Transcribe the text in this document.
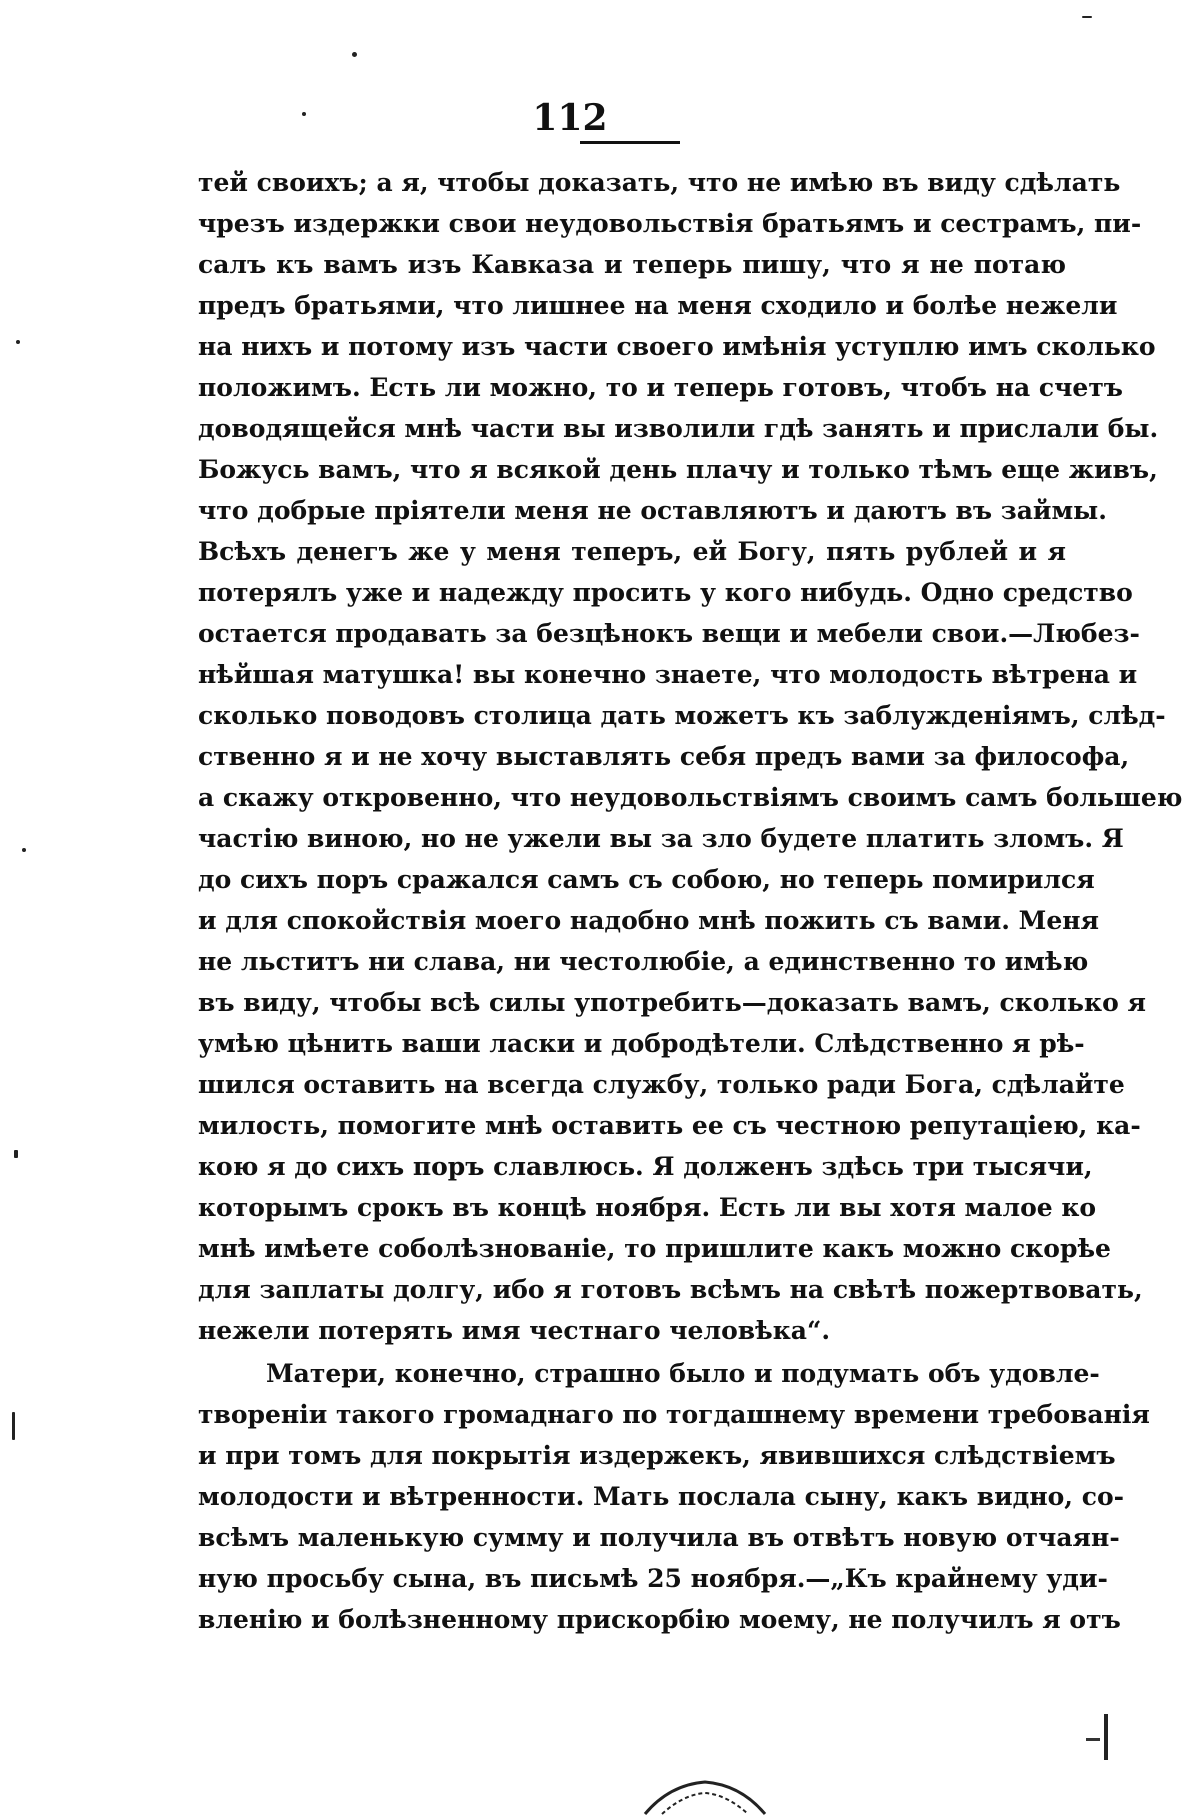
112
тей своихъ; а я, чтобы доказать, что не имѣю въ виду сдѣлать
чрезъ издержки свои неудовольствія братьямъ и сестрамъ, пи-
салъ къ вамъ изъ Кавказа и теперь пишу, что я не потаю
предъ братьями, что лишнее на меня сходило и болѣе нежели
на нихъ и потому изъ части своего имѣнія уступлю имъ сколько
положимъ. Есть ли можно, то и теперь готовъ, чтобъ на счетъ
доводящейся мнѣ части вы изволили гдѣ занять и прислали бы.
Божусь вамъ, что я всякой день плачу и только тѣмъ еще живъ,
что добрые пріятели меня не оставляютъ и даютъ въ займы.
Всѣхъ денегъ же у меня теперъ, ей Богу, пять рублей и я
потерялъ уже и надежду просить у кого нибудь. Одно средство
остается продавать за безцѣнокъ вещи и мебели свои.—Любез-
нѣйшая матушка! вы конечно знаете, что молодость вѣтрена и
сколько поводовъ столица дать можетъ къ заблужденіямъ, слѣд-
ственно я и не хочу выставлять себя предъ вами за философа,
а скажу откровенно, что неудовольствіямъ своимъ самъ большею
частію виною, но не ужели вы за зло будете платить зломъ. Я
до сихъ поръ сражался самъ съ собою, но теперь помирился
и для спокойствія моего надобно мнѣ пожить съ вами. Меня
не льститъ ни слава, ни честолюбіе, а единственно то имѣю
въ виду, чтобы всѣ силы употребить—доказать вамъ, сколько я
умѣю цѣнить ваши ласки и добродѣтели. Слѣдственно я рѣ-
шился оставить на всегда службу, только ради Бога, сдѣлайте
милость, помогите мнѣ оставить ее съ честною репутаціею, ка-
кою я до сихъ поръ славлюсь. Я долженъ здѣсь три тысячи,
которымъ срокъ въ концѣ ноября. Есть ли вы хотя малое ко
мнѣ имѣете соболѣзнованіе, то пришлите какъ можно скорѣе
для заплаты долгу, ибо я готовъ всѣмъ на свѣтѣ пожертвовать,
нежели потерять имя честнаго человѣка“.
Матери, конечно, страшно было и подумать объ удовле-
твореніи такого громаднаго по тогдашнему времени требованія
и при томъ для покрытія издержекъ, явившихся слѣдствіемъ
молодости и вѣтренности. Мать послала сыну, какъ видно, со-
всѣмъ маленькую сумму и получила въ отвѣтъ новую отчаян-
ную просьбу сына, въ письмѣ 25 ноября.—„Къ крайнему уди-
вленію и болѣзненному прискорбію моему, не получилъ я отъ
